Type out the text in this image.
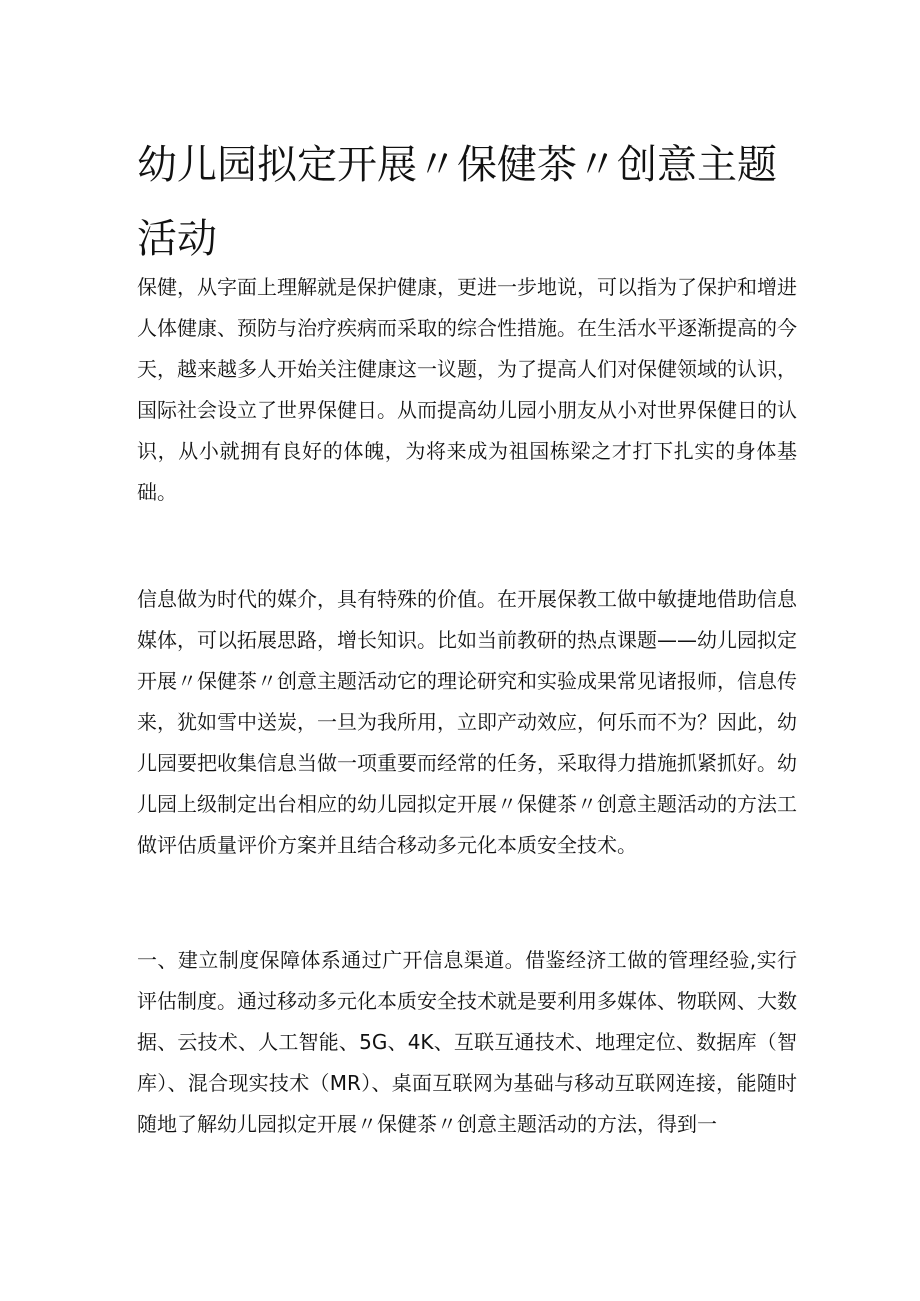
幼儿园拟定开展〃保健茶〃创意主题活动

保健，从字面上理解就是保护健康，更进一步地说，可以指为了保护和增进人体健康、预防与治疗疾病而采取的综合性措施。在生活水平逐渐提高的今天，越来越多人开始关注健康这一议题，为了提高人们对保健领域的认识，国际社会设立了世界保健日。从而提高幼儿园小朋友从小对世界保健日的认识，从小就拥有良好的体魄，为将来成为祖国栋梁之才打下扎实的身体基础。

信息做为时代的媒介，具有特殊的价值。在开展保教工做中敏捷地借助信息媒体，可以拓展思路，增长知识。比如当前教研的热点课题——幼儿园拟定开展〃保健茶〃创意主题活动它的理论研究和实验成果常见诸报师，信息传来，犹如雪中送炭，一旦为我所用，立即产动效应，何乐而不为？因此，幼儿园要把收集信息当做一项重要而经常的任务，采取得力措施抓紧抓好。幼儿园上级制定出台相应的幼儿园拟定开展〃保健茶〃创意主题活动的方法工做评估质量评价方案并且结合移动多元化本质安全技术。

一、建立制度保障体系通过广开信息渠道。借鉴经济工做的管理经验,实行评估制度。通过移动多元化本质安全技术就是要利用多媒体、物联网、大数据、云技术、人工智能、5G、4K、互联互通技术、地理定位、数据库（智库）、混合现实技术（MR）、桌面互联网为基础与移动互联网连接，能随时随地了解幼儿园拟定开展〃保健茶〃创意主题活动的方法，得到一
